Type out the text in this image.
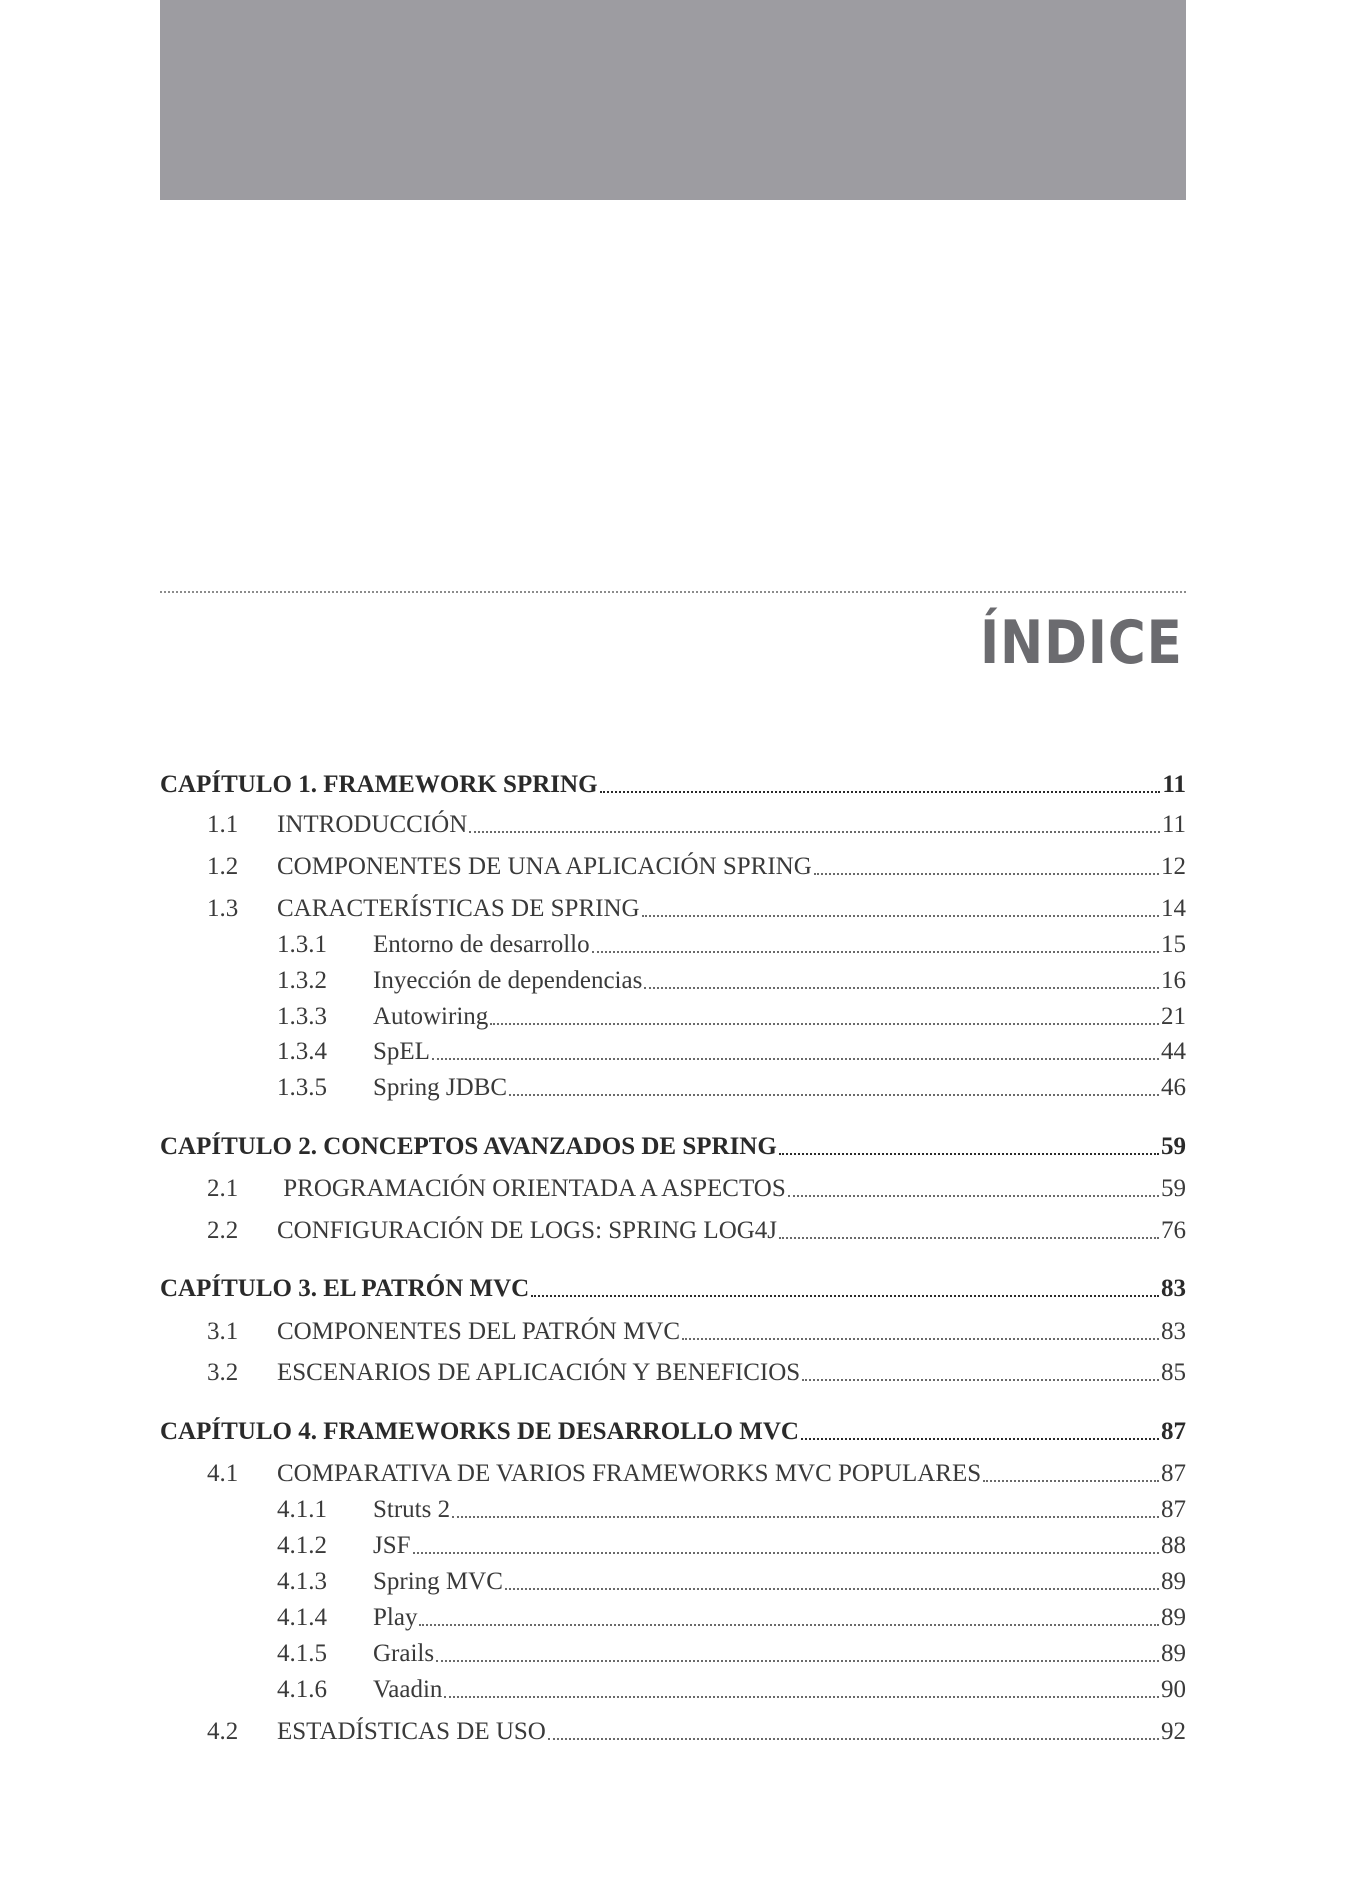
ÍNDICE
CAPÍTULO 1. FRAMEWORK SPRING	11
1.1	INTRODUCCIÓN	11
1.2	COMPONENTES DE UNA APLICACIÓN SPRING	12
1.3	CARACTERÍSTICAS DE SPRING	14
1.3.1	Entorno de desarrollo	15
1.3.2	Inyección de dependencias	16
1.3.3	Autowiring	21
1.3.4	SpEL	44
1.3.5	Spring JDBC	46
CAPÍTULO 2. CONCEPTOS AVANZADOS DE SPRING	59
2.1	PROGRAMACIÓN ORIENTADA A ASPECTOS	59
2.2	CONFIGURACIÓN DE LOGS: SPRING LOG4J	76
CAPÍTULO 3. EL PATRÓN MVC	83
3.1	COMPONENTES DEL PATRÓN MVC	83
3.2	ESCENARIOS DE APLICACIÓN Y BENEFICIOS	85
CAPÍTULO 4. FRAMEWORKS DE DESARROLLO MVC	87
4.1	COMPARATIVA DE VARIOS FRAMEWORKS MVC POPULARES	87
4.1.1	Struts 2	87
4.1.2	JSF	88
4.1.3	Spring MVC	89
4.1.4	Play	89
4.1.5	Grails	89
4.1.6	Vaadin	90
4.2	ESTADÍSTICAS DE USO	92
